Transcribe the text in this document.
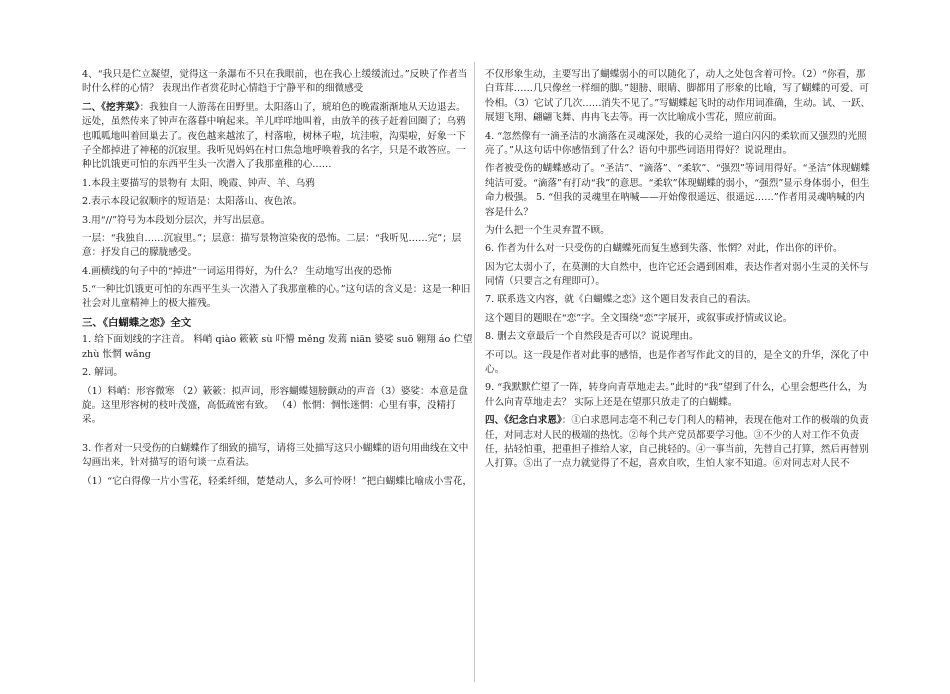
4、“我只是伫立凝望，觉得这一条瀑布不只在我眼前，也在我心上缓缓流过。”反映了作者当时什么样的心情？ 表现出作者赏花时心情趋于宁静平和的细微感受

二、《挖荠菜》：我独自一人游荡在田野里。太阳落山了，琥珀色的晚霞渐渐地从天边退去。远处，虽然传来了钟声在落暮中响起来。羊儿咩咩地叫着，由放羊的孩子赶着回圈了；乌鸦也呱呱地叫着回巢去了。夜色越来越浓了，村落啦，树林子啦，坑洼啦，沟渠啦，好象一下子全都掉进了神秘的沉寂里。我听见妈妈在村口焦急地呼唤着我的名字，只是不敢答应。一种比饥饿更可怕的东西平生头一次潜入了我那童稚的心……

1.本段主要描写的景物有 太阳、晚霞、钟声、羊、乌鸦

2.表示本段记叙顺序的短语是：太阳落山、夜色浓。

3.用“//”符号为本段划分层次，并写出层意。

一层：“我独自……沉寂里。”；层意：描写景物渲染夜的恐怖。二层：“我听见……完”；层意：抒发自己的朦胧感受。

4.画横线的句子中的“掉进”一词运用得好，为什么？ 生动地写出夜的恐怖

5.“一种比饥饿更可怕的东西平生头一次潜入了我那童稚的心。”这句话的含义是：这是一种旧社会对儿童精神上的极大摧残。

三、《白蝴蝶之恋》全文

1. 给下面划线的字注音。 料峭 qiào 簌簌 sù 吓懵 měng 发蔫 niān 婆娑 suō 翱翔 áo 伫望 zhù 怅惘 wǎng

2. 解词。

（1）料峭：形容微寒 （2）簌簌：拟声词，形容蝴蝶翅膀颤动的声音（3）婆娑：本意是盘旋。这里形容树的枝叶茂盛，高低疏密有致。 （4）怅惘：惆怅迷惘：心里有事，没精打采。

3. 作者对一只受伤的白蝴蝶作了细致的描写，请将三处描写这只小蝴蝶的语句用曲线在文中勾画出来，针对描写的语句谈一点看法。

（1）“它白得像一片小雪花，轻柔纤细，楚楚动人，多么可怜呀！”把白蝴蝶比喻成小雪花，

不仅形象生动，主要写出了蝴蝶弱小的可以随化了，动人之处包含着可怜。（2）“你看，那白茸茸……几只像丝一样细的脚。”翅膀、眼睛、脚都用了形象的比喻，写了蝴蝶的可爱、可怜相。（3）它试了几次……消失不见了。”写蝴蝶起飞时的动作用词准确，生动。试、一跃、展翅飞翔、翩翩飞舞、冉冉飞去等。再一次比喻成小雪花，照应前面。

4. “忽然像有一滴圣洁的水滴落在灵魂深处，我的心灵给一道白闪闪的柔软而又强烈的光照亮了。”从这句话中你感悟到了什么？语句中那些词语用得好？说说理由。

作者被受伤的蝴蝶感动了。“圣洁”、“滴落”、“柔软”、“强烈”等词用得好。“圣洁”体现蝴蝶纯洁可爱。“滴落”有打动“我”的意思。“柔软”体现蝴蝶的弱小，“强烈”显示身体弱小，但生命力极强。 5. “但我的灵魂里在呐喊——开始像很遥远、很遥远……”作者用灵魂呐喊的内容是什么？

为什么把一个生灵弃置不顾。

6. 作者为什么对一只受伤的白蝴蝶死而复生感到失落、怅惘？对此，作出你的评价。

因为它太弱小了，在莫测的大自然中，也许它还会遇到困难，表达作者对弱小生灵的关怀与同情（只要言之有理即可）。

7. 联系选文内容，就《白蝴蝶之恋》这个题目发表自己的看法。

这个题目的题眼在“恋”字。全文围绕“恋”字展开，或叙事或抒情或议论。

8. 删去文章最后一个自然段是否可以？说说理由。

不可以。这一段是作者对此事的感悟，也是作者写作此文的目的，是全文的升华，深化了中心。

9. “我默默伫望了一阵，转身向青草地走去。”此时的“我”望到了什么，心里会想些什么，为什么向青草地走去？ 实际上还是在望那只放走了的白蝴蝶。

四、《纪念白求恩》：①白求恩同志毫不利己专门利人的精神，表现在他对工作的极端的负责任，对同志对人民的极端的热忱。②每个共产党员都要学习他。③不少的人对工作不负责任，拈轻怕重，把重担子推给人家，自己挑轻的。④一事当前，先替自己打算，然后再替别人打算。⑤出了一点力就觉得了不起，喜欢自吹，生怕人家不知道。⑥对同志对人民不
